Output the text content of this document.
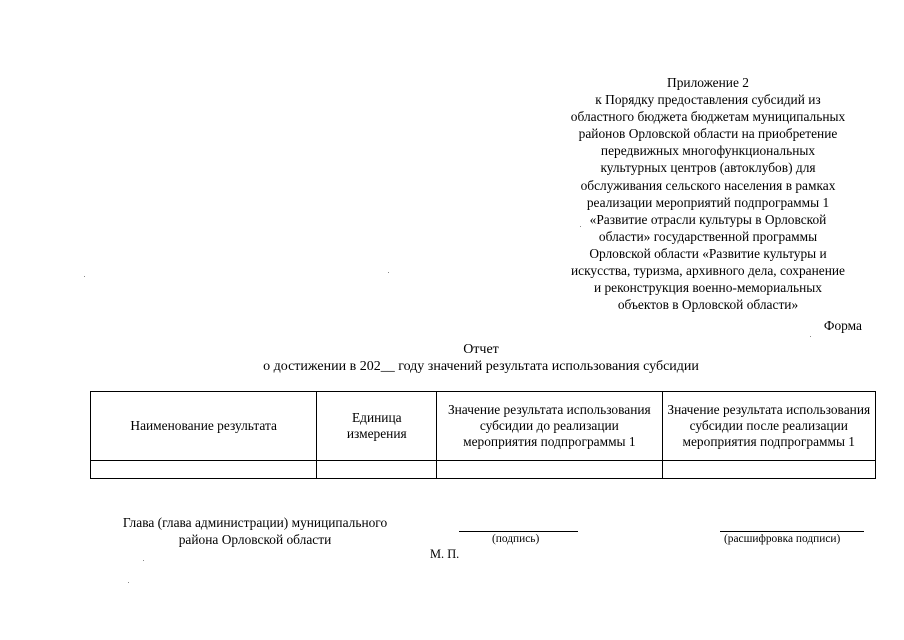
Приложение 2
к Порядку предоставления субсидий из
областного бюджета бюджетам муниципальных
районов Орловской области на приобретение
передвижных многофункциональных
культурных центров (автоклубов) для
обслуживания сельского населения в рамках
реализации мероприятий подпрограммы 1
«Развитие отрасли культуры в Орловской
области» государственной программы
Орловской области «Развитие культуры и
искусства, туризма, архивного дела, сохранение
и реконструкция военно-мемориальных
объектов в Орловской области»
Форма
Отчет
о достижении в 202__ году значений результата использования субсидии
Наименование результата	Единица измерения	Значение результата использования субсидии до реализации мероприятия подпрограммы 1	Значение результата использования субсидии после реализации мероприятия подпрограммы 1

Глава (глава администрации) муниципального
района Орловской области	(подпись)	(расшифровка подписи)
М. П.
